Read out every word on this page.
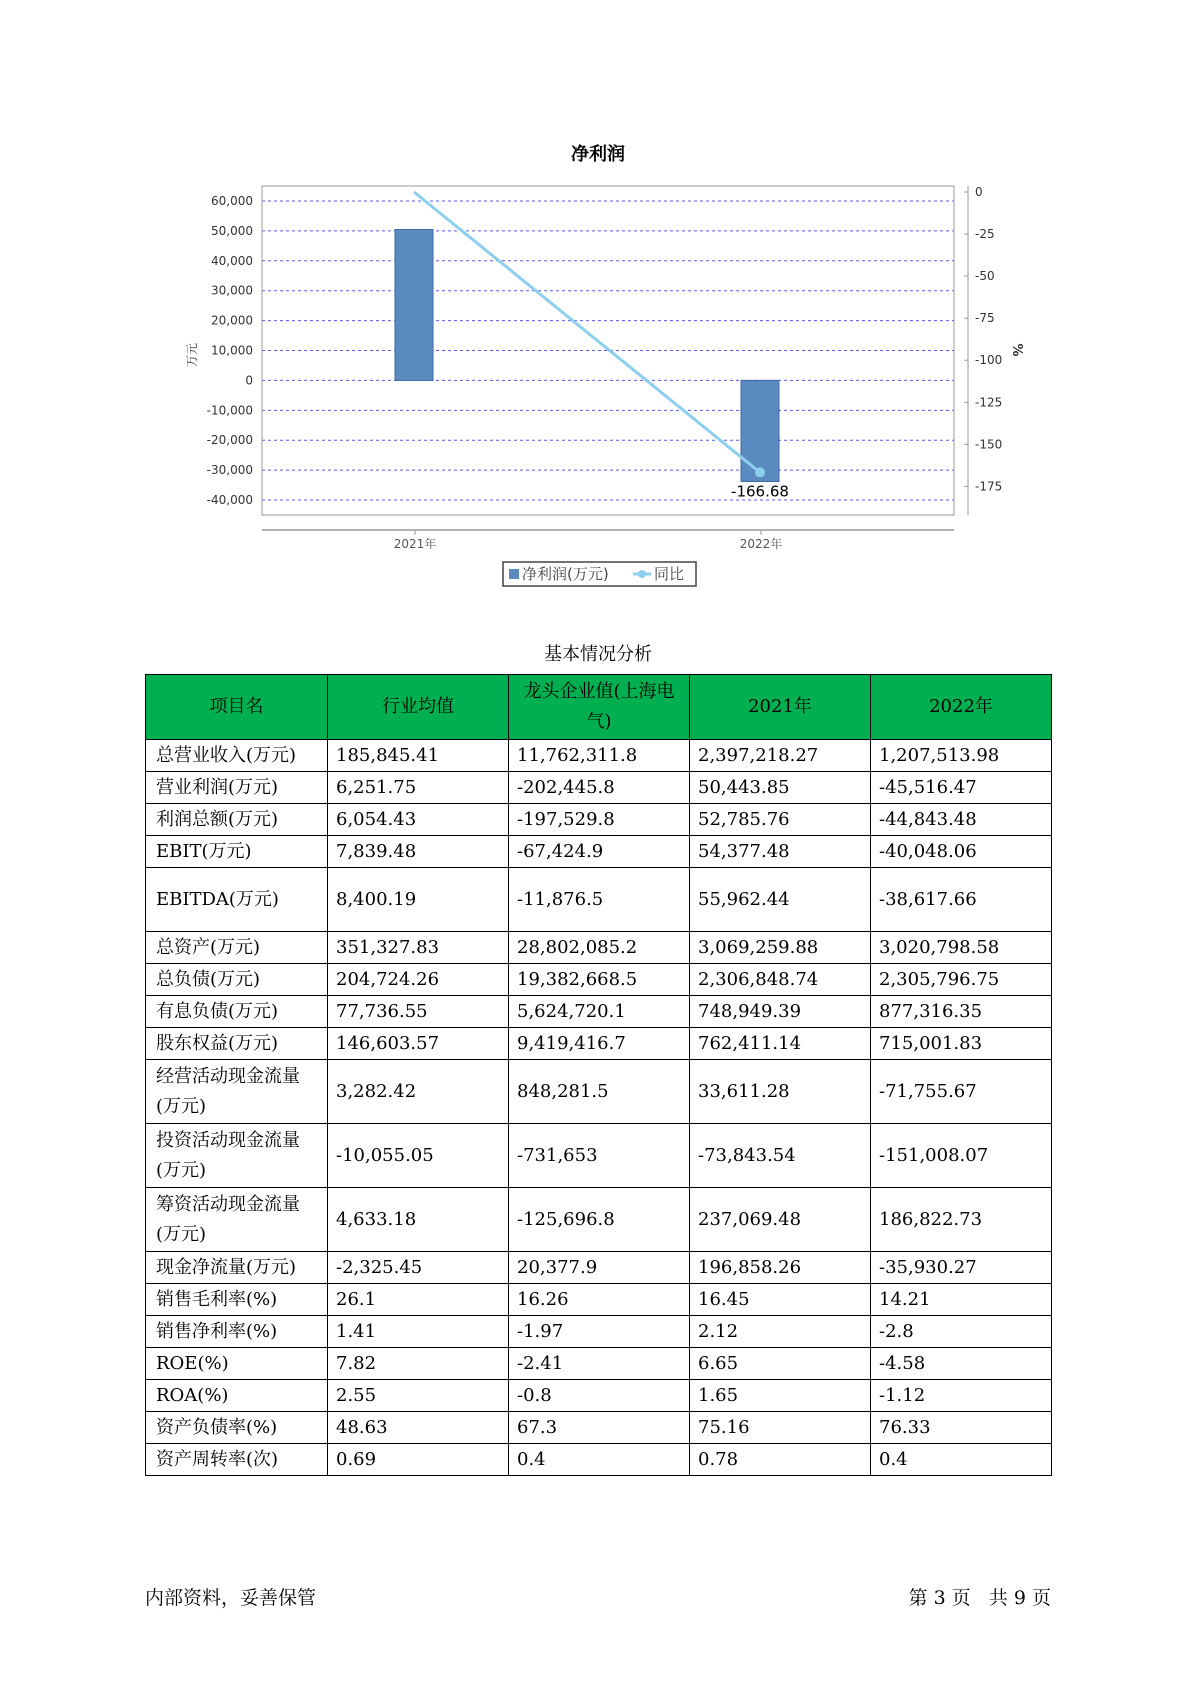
净利润
60,000
50,000
40,000
30,000
20,000
10,000
0
-10,000
-20,000
-30,000
-40,000
万元
0
-25
-50
-75
-100
-125
-150
-175
%
2021年	2022年
-166.68
净利润(万元)	同比
基本情况分析
项目名	行业均值	龙头企业值(上海电气)	2021年	2022年
总营业收入(万元)	185,845.41	11,762,311.8	2,397,218.27	1,207,513.98
营业利润(万元)	6,251.75	-202,445.8	50,443.85	-45,516.47
利润总额(万元)	6,054.43	-197,529.8	52,785.76	-44,843.48
EBIT(万元)	7,839.48	-67,424.9	54,377.48	-40,048.06
EBITDA(万元)	8,400.19	-11,876.5	55,962.44	-38,617.66
总资产(万元)	351,327.83	28,802,085.2	3,069,259.88	3,020,798.58
总负债(万元)	204,724.26	19,382,668.5	2,306,848.74	2,305,796.75
有息负债(万元)	77,736.55	5,624,720.1	748,949.39	877,316.35
股东权益(万元)	146,603.57	9,419,416.7	762,411.14	715,001.83
经营活动现金流量(万元)	3,282.42	848,281.5	33,611.28	-71,755.67
投资活动现金流量(万元)	-10,055.05	-731,653	-73,843.54	-151,008.07
筹资活动现金流量(万元)	4,633.18	-125,696.8	237,069.48	186,822.73
现金净流量(万元)	-2,325.45	20,377.9	196,858.26	-35,930.27
销售毛利率(%)	26.1	16.26	16.45	14.21
销售净利率(%)	1.41	-1.97	2.12	-2.8
ROE(%)	7.82	-2.41	6.65	-4.58
ROA(%)	2.55	-0.8	1.65	-1.12
资产负债率(%)	48.63	67.3	75.16	76.33
资产周转率(次)	0.69	0.4	0.78	0.4
内部资料，妥善保管	第 3 页   共 9 页
